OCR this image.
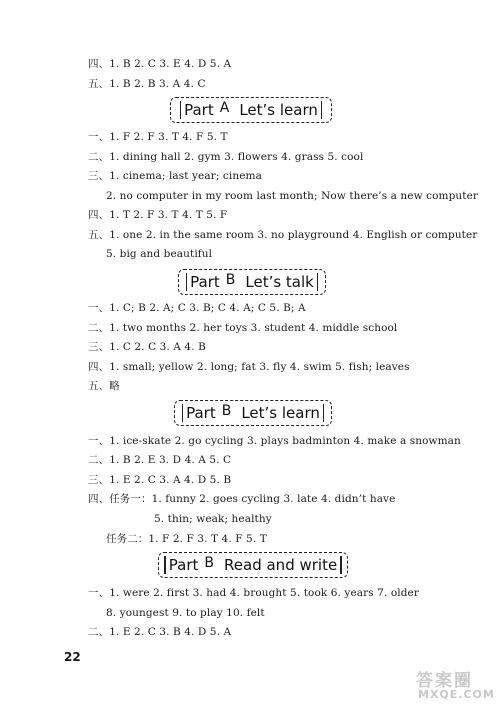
四、1. B 2. C 3. E 4. D 5. A
五、1. B 2. B 3. A 4. C
Part A Let’s learn
一、1. F 2. F 3. T 4. F 5. T
二、1. dining hall 2. gym 3. flowers 4. grass 5. cool
三、1. cinema; last year; cinema
2. no computer in my room last month; Now there’s a new computer
四、1. T 2. F 3. T 4. T 5. F
五、1. one 2. in the same room 3. no playground 4. English or computer
5. big and beautiful
Part B Let’s talk
一、1. C; B 2. A; C 3. B; C 4. A; C 5. B; A
二、1. two months 2. her toys 3. student 4. middle school
三、1. C 2. C 3. A 4. B
四、1. small; yellow 2. long; fat 3. fly 4. swim 5. fish; leaves
五、略
Part B Let’s learn
一、1. ice-skate 2. go cycling 3. plays badminton 4. make a snowman
二、1. B 2. E 3. D 4. A 5. C
三、1. E 2. C 3. A 4. D 5. B
四、任务一：1. funny 2. goes cycling 3. late 4. didn’t have
5. thin; weak; healthy
任务二：1. F 2. F 3. T 4. F 5. T
Part B Read and write
一、1. were 2. first 3. had 4. brought 5. took 6. years 7. older
8. youngest 9. to play 10. felt
二、1. E 2. C 3. B 4. D 5. A
22
答案圈
MXQE.COM
